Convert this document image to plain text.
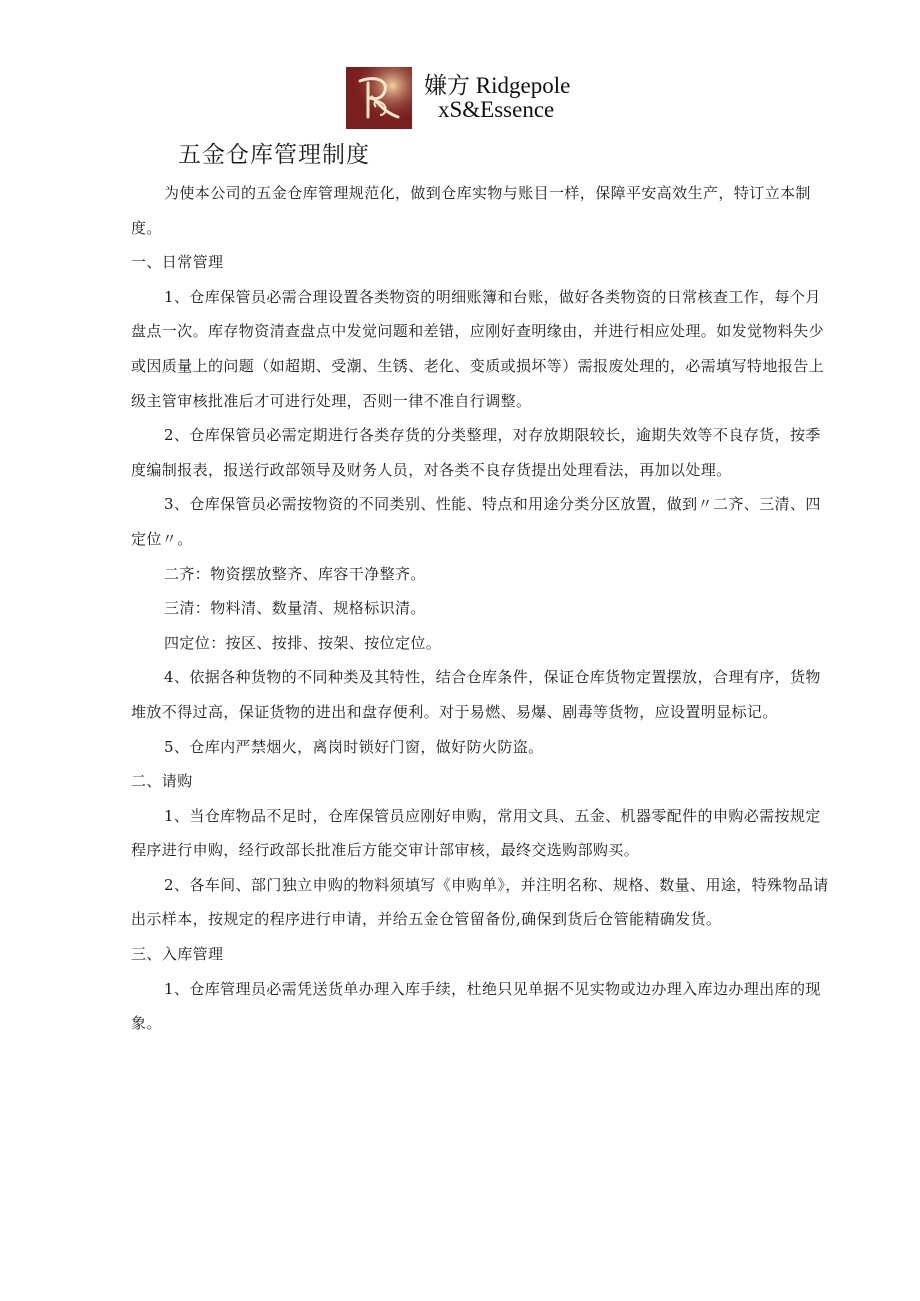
嫌方 Ridgepole
xS&Essence
五金仓库管理制度

为使本公司的五金仓库管理规范化，做到仓库实物与账目一样，保障平安高效生产，特订立本制度。

一、日常管理

1、仓库保管员必需合理设置各类物资的明细账簿和台账，做好各类物资的日常核查工作，每个月盘点一次。库存物资清查盘点中发觉问题和差错，应刚好查明缘由，并进行相应处理。如发觉物料失少或因质量上的问题（如超期、受潮、生锈、老化、变质或损坏等）需报废处理的，必需填写特地报告上级主管审核批准后才可进行处理，否则一律不准自行调整。

2、仓库保管员必需定期进行各类存货的分类整理，对存放期限较长，逾期失效等不良存货，按季度编制报表，报送行政部领导及财务人员，对各类不良存货提出处理看法，再加以处理。

3、仓库保管员必需按物资的不同类别、性能、特点和用途分类分区放置，做到〃二齐、三清、四定位〃。

二齐：物资摆放整齐、库容干净整齐。

三清：物料清、数量清、规格标识清。

四定位：按区、按排、按架、按位定位。

4、依据各种货物的不同种类及其特性，结合仓库条件，保证仓库货物定置摆放，合理有序，货物堆放不得过高，保证货物的进出和盘存便利。对于易燃、易爆、剧毒等货物，应设置明显标记。

5、仓库内严禁烟火，离岗时锁好门窗，做好防火防盗。

二、请购

1、当仓库物品不足时，仓库保管员应刚好申购，常用文具、五金、机器零配件的申购必需按规定程序进行申购，经行政部长批准后方能交审计部审核，最终交选购部购买。

2、各车间、部门独立申购的物料须填写《申购单》，并注明名称、规格、数量、用途，特殊物品请出示样本，按规定的程序进行申请，并给五金仓管留备份,确保到货后仓管能精确发货。

三、入库管理

1、仓库管理员必需凭送货单办理入库手续，杜绝只见单据不见实物或边办理入库边办理出库的现象。
